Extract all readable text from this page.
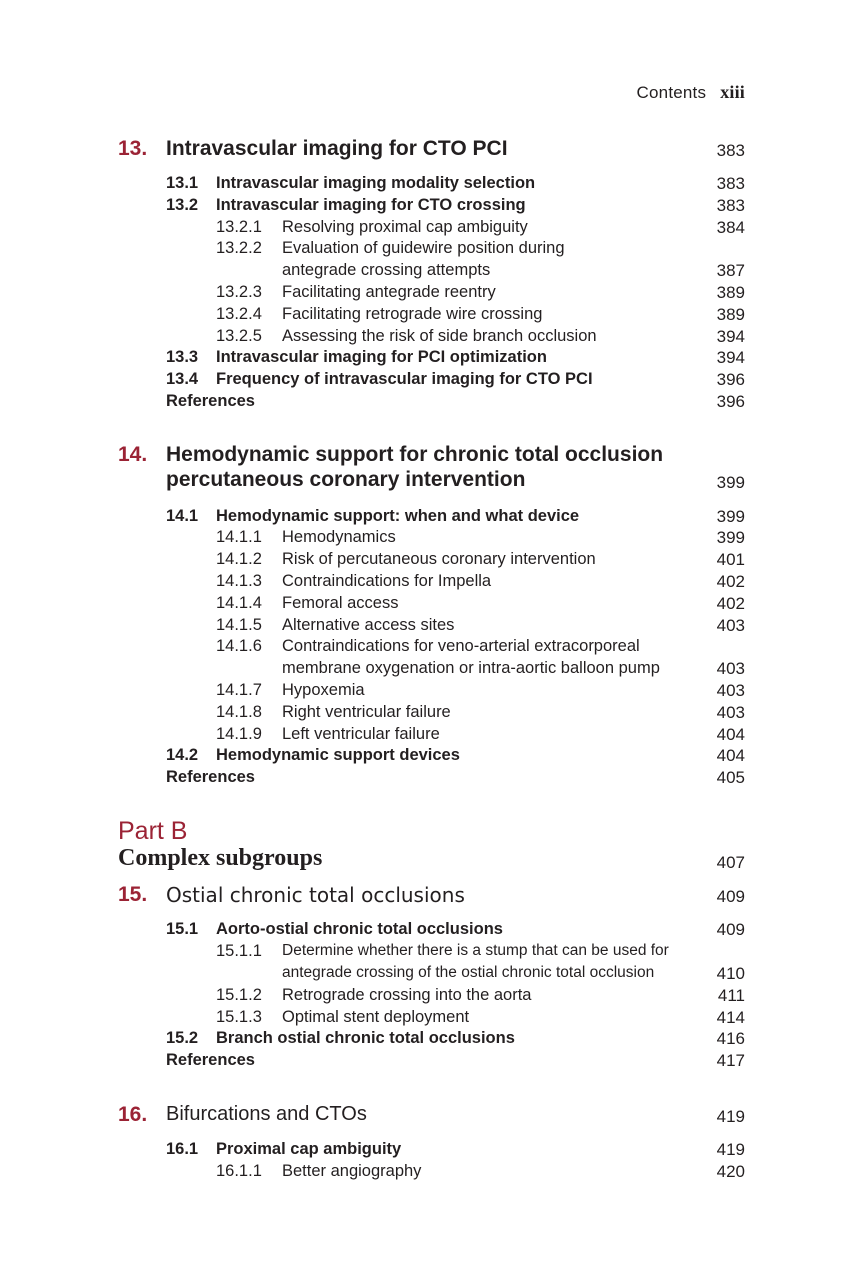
Contents xiii
13. Intravascular imaging for CTO PCI	383
13.1 Intravascular imaging modality selection	383
13.2 Intravascular imaging for CTO crossing	383
13.2.1 Resolving proximal cap ambiguity	384
13.2.2 Evaluation of guidewire position during
antegrade crossing attempts	387
13.2.3 Facilitating antegrade reentry	389
13.2.4 Facilitating retrograde wire crossing	389
13.2.5 Assessing the risk of side branch occlusion	394
13.3 Intravascular imaging for PCI optimization	394
13.4 Frequency of intravascular imaging for CTO PCI	396
References	396
14. Hemodynamic support for chronic total occlusion
percutaneous coronary intervention	399
14.1 Hemodynamic support: when and what device	399
14.1.1 Hemodynamics	399
14.1.2 Risk of percutaneous coronary intervention	401
14.1.3 Contraindications for Impella	402
14.1.4 Femoral access	402
14.1.5 Alternative access sites	403
14.1.6 Contraindications for veno-arterial extracorporeal
membrane oxygenation or intra-aortic balloon pump	403
14.1.7 Hypoxemia	403
14.1.8 Right ventricular failure	403
14.1.9 Left ventricular failure	404
14.2 Hemodynamic support devices	404
References	405
Part B
Complex subgroups	407
15. Ostial chronic total occlusions	409
15.1 Aorto-ostial chronic total occlusions	409
15.1.1 Determine whether there is a stump that can be used for
antegrade crossing of the ostial chronic total occlusion	410
15.1.2 Retrograde crossing into the aorta	411
15.1.3 Optimal stent deployment	414
15.2 Branch ostial chronic total occlusions	416
References	417
16. Bifurcations and CTOs	419
16.1 Proximal cap ambiguity	419
16.1.1 Better angiography	420
